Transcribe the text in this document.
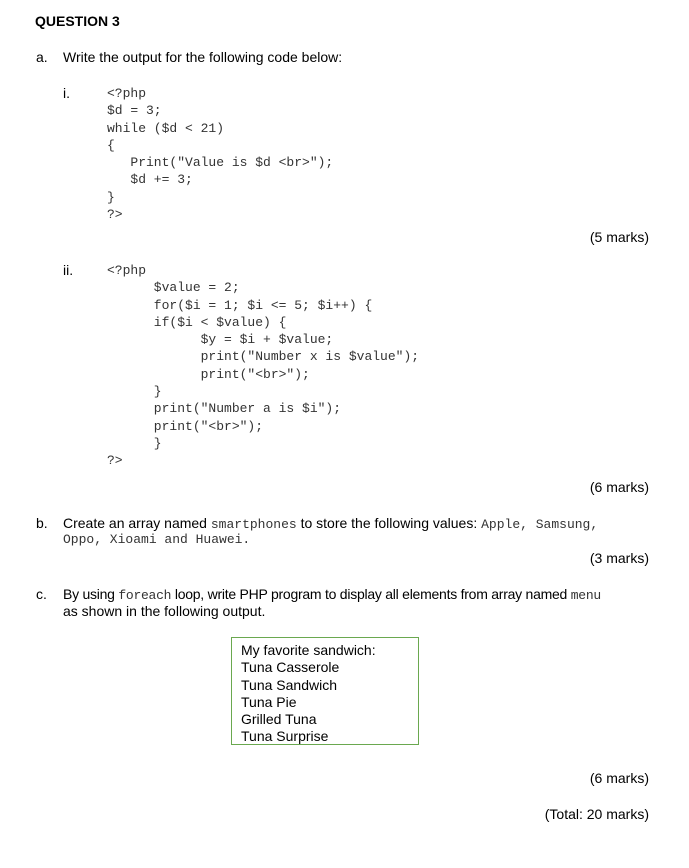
QUESTION 3
a. Write the output for the following code below:
i.	<?php
$d = 3;
while ($d < 21)
{
Print("Value is $d <br>");
$d += 3;
}
?>
(5 marks)
ii.	<?php
$value = 2;
for($i = 1; $i <= 5; $i++) {
if($i < $value) {
$y = $i + $value;
print("Number x is $value");
print("<br>");
}
print("Number a is $i");
print("<br>");
}
?>
(6 marks)
b. Create an array named smartphones to store the following values: Apple, Samsung,
Oppo, Xioami and Huawei.
(3 marks)
c. By using foreach loop, write PHP program to display all elements from array named menu
as shown in the following output.
My favorite sandwich:
Tuna Casserole
Tuna Sandwich
Tuna Pie
Grilled Tuna
Tuna Surprise
(6 marks)
(Total: 20 marks)
